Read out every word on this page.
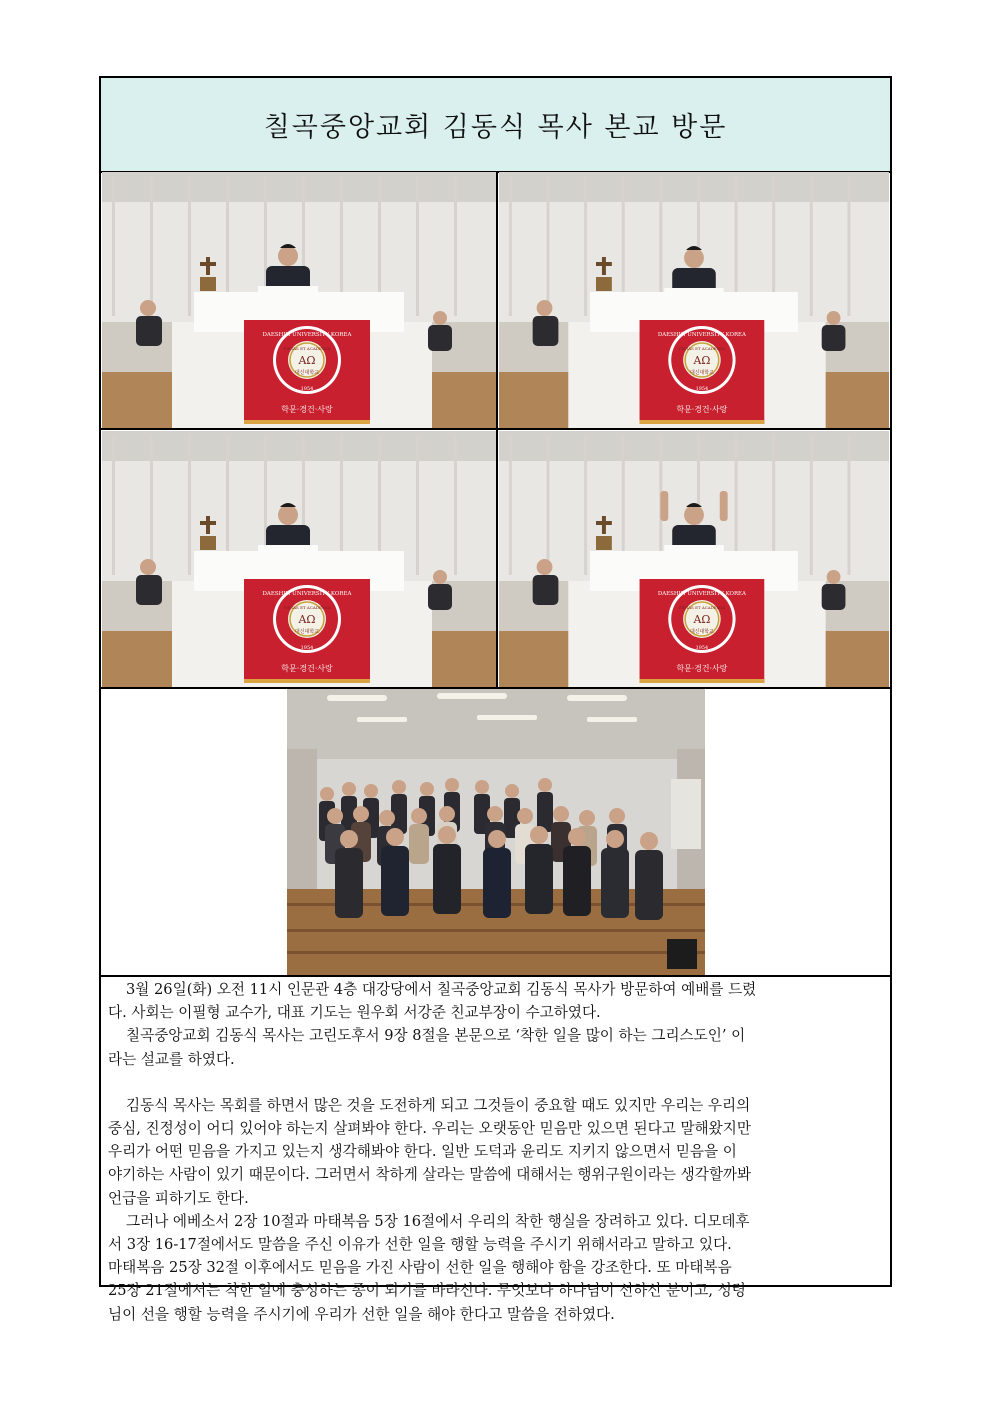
칠곡중앙교회 김동식 목사 본교 방문
AΩ
대신대학교
DAESHIN UNIVERSITY KOREA
PIETAS ET ACADEMIA
1954
학문·경건·사랑
AΩ
대신대학교
DAESHIN UNIVERSITY KOREA
PIETAS ET ACADEMIA
1954
학문·경건·사랑
AΩ
대신대학교
DAESHIN UNIVERSITY KOREA
PIETAS ET ACADEMIA
1954
학문·경건·사랑
AΩ
대신대학교
DAESHIN UNIVERSITY KOREA
PIETAS ET ACADEMIA
1954
학문·경건·사랑

3월 26일(화) 오전 11시 인문관 4층 대강당에서 칠곡중앙교회 김동식 목사가 방문하여 예배를 드렸
다. 사회는 이필형 교수가, 대표 기도는 원우회 서강준 친교부장이 수고하였다.

칠곡중앙교회 김동식 목사는 고린도후서 9장 8절을 본문으로 ‘착한 일을 많이 하는 그리스도인’ 이
라는 설교를 하였다.

김동식 목사는 목회를 하면서 많은 것을 도전하게 되고 그것들이 중요할 때도 있지만 우리는 우리의
중심, 진정성이 어디 있어야 하는지 살펴봐야 한다. 우리는 오랫동안 믿음만 있으면 된다고 말해왔지만
우리가 어떤 믿음을 가지고 있는지 생각해봐야 한다. 일반 도덕과 윤리도 지키지 않으면서 믿음을 이
야기하는 사람이 있기 때문이다. 그러면서 착하게 살라는 말씀에 대해서는 행위구원이라는 생각할까봐
언급을 피하기도 한다.

그러나 에베소서 2장 10절과 마태복음 5장 16절에서 우리의 착한 행실을 장려하고 있다. 디모데후
서 3장 16-17절에서도 말씀을 주신 이유가 선한 일을 행할 능력을 주시기 위해서라고 말하고 있다.
마태복음 25장 32절 이후에서도 믿음을 가진 사람이 선한 일을 행해야 함을 강조한다. 또 마태복음
25장 21절에서는 착한 일에 충성하는 종이 되기를 바라신다. 무엇보다 하나님이 선하신 분이고, 성령
님이 선을 행할 능력을 주시기에 우리가 선한 일을 해야 한다고 말씀을 전하였다.
